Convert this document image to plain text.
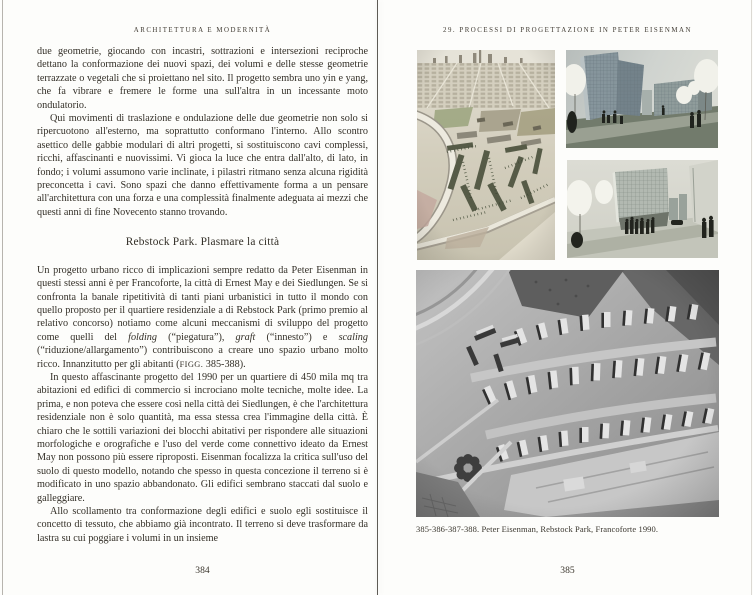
ARCHITETTURA E MODERNITÀ

due geometrie, giocando con incastri, sottrazioni e intersezioni reciproche dettano la conformazione dei nuovi spazi, dei volumi e delle stesse geometrie terrazzate o vegetali che si proiettano nel sito. Il progetto sembra uno yin e yang, che fa vibrare e fremere le forme una sull'altra in un incessante moto ondulatorio.

Qui movimenti di traslazione e ondulazione delle due geometrie non solo si ripercuotono all'esterno, ma soprattutto conformano l'interno. Allo scontro asettico delle gabbie modulari di altri progetti, si sostituiscono cavi complessi, ricchi, affascinanti e nuovissimi. Vi gioca la luce che entra dall'alto, di lato, in fondo; i volumi assumono varie inclinate, i pilastri ritmano senza alcuna rigidità preconcetta i cavi. Sono spazi che danno effettivamente forma a un pensare all'architettura con una forza e una complessità finalmente adeguata ai mezzi che questi anni di fine Novecento stanno trovando.

Rebstock Park. Plasmare la città

Un progetto urbano ricco di implicazioni sempre redatto da Peter Eisenman in questi stessi anni è per Francoforte, la città di Ernest May e dei Siedlungen. Se si confronta la banale ripetitività di tanti piani urbanistici in tutto il mondo con quello proposto per il quartiere residenziale a di Rebstock Park (primo premio al relativo concorso) notiamo come alcuni meccanismi di sviluppo del progetto come quelli del folding (“piegatura”), graft (“innesto”) e scaling (“riduzione/allargamento”) contribuiscono a creare uno spazio urbano molto ricco. Innanzitutto per gli abitanti (FIGG. 385-388).

In questo affascinante progetto del 1990 per un quartiere di 450 mila mq tra abitazioni ed edifici di commercio si incrociano molte tecniche, molte idee. La prima, e non poteva che essere così nella città dei Siedlungen, è che l'architettura residenziale non è solo quantità, ma essa stessa crea l'immagine della città. È chiaro che le sottili variazioni dei blocchi abitativi per rispondere alle situazioni morfologiche e orografiche e l'uso del verde come connettivo ideato da Ernest May non possono più essere riproposti. Eisenman focalizza la critica sull'uso del suolo di questo modello, notando che spesso in questa concezione il terreno si è modificato in uno spazio abbandonato. Gli edifici sembrano staccati dal suolo e galleggiare.

Allo scollamento tra conformazione degli edifici e suolo egli sostituisce il concetto di tessuto, che abbiamo già incontrato. Il terreno si deve trasformare da lastra su cui poggiare i volumi in un insieme

384
29. PROCESSI DI PROGETTAZIONE IN PETER EISENMAN
385-386-387-388. Peter Eisenman, Rebstock Park, Francoforte 1990.
385
